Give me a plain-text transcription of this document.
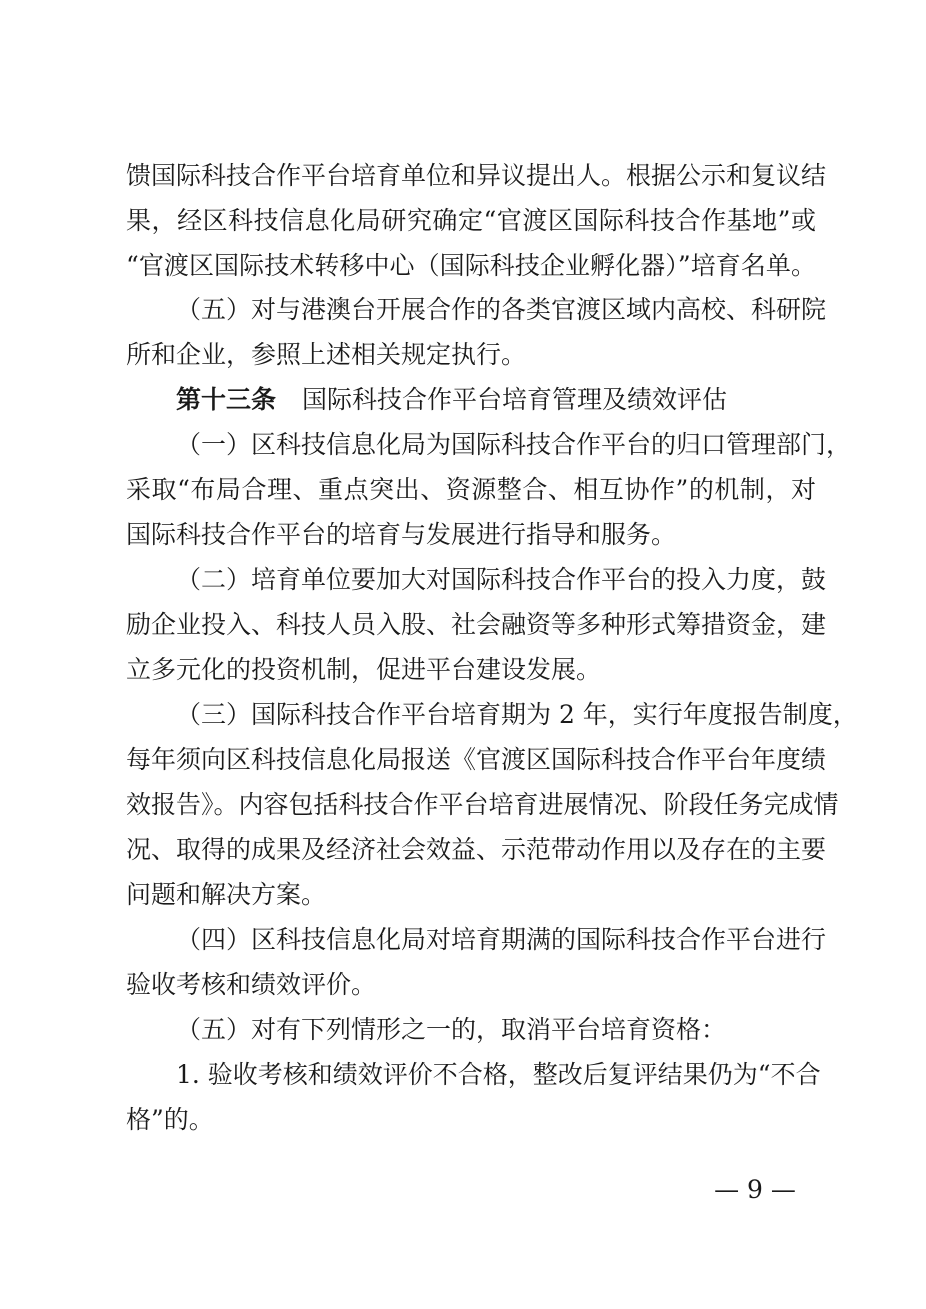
馈国际科技合作平台培育单位和异议提出人。根据公示和复议结
果，经区科技信息化局研究确定“官渡区国际科技合作基地”或
“官渡区国际技术转移中心（国际科技企业孵化器）”培育名单。
（五）对与港澳台开展合作的各类官渡区域内高校、科研院
所和企业，参照上述相关规定执行。
第十三条 国际科技合作平台培育管理及绩效评估
（一）区科技信息化局为国际科技合作平台的归口管理部门，
采取“布局合理、重点突出、资源整合、相互协作”的机制，对
国际科技合作平台的培育与发展进行指导和服务。
（二）培育单位要加大对国际科技合作平台的投入力度，鼓
励企业投入、科技人员入股、社会融资等多种形式筹措资金，建
立多元化的投资机制，促进平台建设发展。
（三）国际科技合作平台培育期为 2 年，实行年度报告制度，
每年须向区科技信息化局报送《官渡区国际科技合作平台年度绩
效报告》。内容包括科技合作平台培育进展情况、阶段任务完成情
况、取得的成果及经济社会效益、示范带动作用以及存在的主要
问题和解决方案。
（四）区科技信息化局对培育期满的国际科技合作平台进行
验收考核和绩效评价。
（五）对有下列情形之一的，取消平台培育资格：
1. 验收考核和绩效评价不合格，整改后复评结果仍为“不合
格”的。
— 9 —
